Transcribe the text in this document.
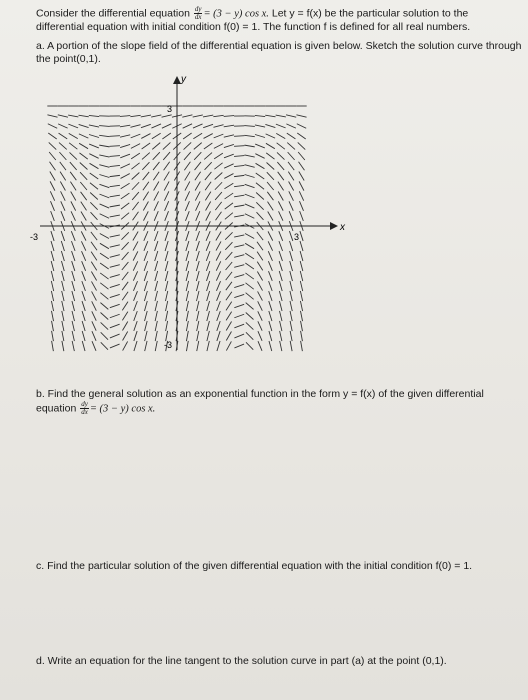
Consider the differential equation $\frac{dy}{dx} = (3 - y)$ cos x. Let y = f(x) be the particular solution to the
differential equation with initial condition f(0) = 1. The function f is defined for all real numbers.
a. A portion of the slope field of the differential equation is given below. Sketch the solution curve through
the point(0,1).
x
y
-3	3
3
-3
b. Find the general solution as an exponential function in the form y = f(x) of the given differential
equation $\frac{dy}{dx} = (3 - y)$ cos x.
c. Find the particular solution of the given differential equation with the initial condition f(0) = 1.
d. Write an equation for the line tangent to the solution curve in part (a) at the point (0,1).
